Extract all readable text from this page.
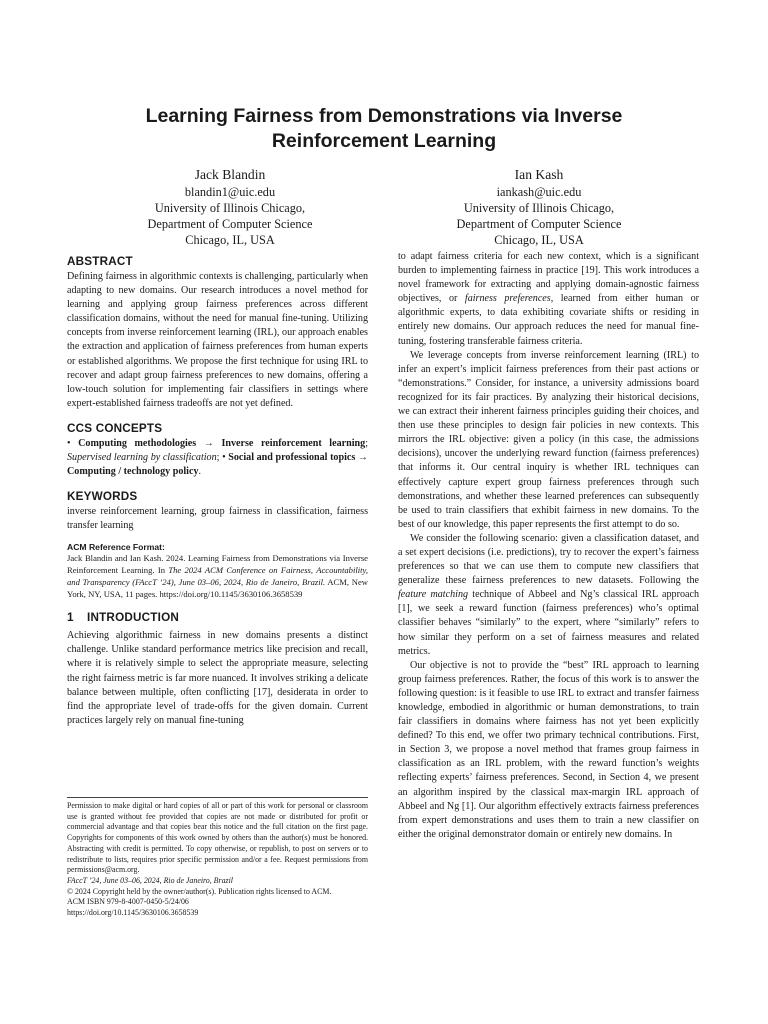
Learning Fairness from Demonstrations via Inverse
Reinforcement Learning
Jack Blandin
blandin1@uic.edu
University of Illinois Chicago,
Department of Computer Science
Chicago, IL, USA
Ian Kash
iankash@uic.edu
University of Illinois Chicago,
Department of Computer Science
Chicago, IL, USA
ABSTRACT

Defining fairness in algorithmic contexts is challenging, particularly when adapting to new domains. Our research introduces a novel method for learning and applying group fairness preferences across different classification domains, without the need for manual fine-tuning. Utilizing concepts from inverse reinforcement learning (IRL), our approach enables the extraction and application of fairness preferences from human experts or established algorithms. We propose the first technique for using IRL to recover and adapt group fairness preferences to new domains, offering a low-touch solution for implementing fair classifiers in settings where expert-established fairness tradeoffs are not yet defined.

CCS CONCEPTS

• Computing methodologies → Inverse reinforcement learning; Supervised learning by classification; • Social and professional topics → Computing / technology policy.

KEYWORDS

inverse reinforcement learning, group fairness in classification, fairness transfer learning

ACM Reference Format:

Jack Blandin and Ian Kash. 2024. Learning Fairness from Demonstrations via Inverse Reinforcement Learning. In The 2024 ACM Conference on Fairness, Accountability, and Transparency (FAccT ’24), June 03–06, 2024, Rio de Janeiro, Brazil. ACM, New York, NY, USA, 11 pages. https://doi.org/10.1145/3630106.3658539

1 INTRODUCTION

Achieving algorithmic fairness in new domains presents a distinct challenge. Unlike standard performance metrics like precision and recall, where it is relatively simple to select the appropriate measure, selecting the right fairness metric is far more nuanced. It involves striking a delicate balance between multiple, often conflicting [17], desiderata in order to find the appropriate level of trade-offs for the given domain. Current practices largely rely on manual fine-tuning

Permission to make digital or hard copies of all or part of this work for personal or classroom use is granted without fee provided that copies are not made or distributed for profit or commercial advantage and that copies bear this notice and the full citation on the first page. Copyrights for components of this work owned by others than the author(s) must be honored. Abstracting with credit is permitted. To copy otherwise, or republish, to post on servers or to redistribute to lists, requires prior specific permission and/or a fee. Request permissions from permissions@acm.org.

FAccT ’24, June 03–06, 2024, Rio de Janeiro, Brazil

© 2024 Copyright held by the owner/author(s). Publication rights licensed to ACM.

ACM ISBN 979-8-4007-0450-5/24/06

https://doi.org/10.1145/3630106.3658539

to adapt fairness criteria for each new context, which is a significant burden to implementing fairness in practice [19]. This work introduces a novel framework for extracting and applying domain-agnostic fairness objectives, or fairness preferences, learned from either human or algorithmic experts, to data exhibiting covariate shifts or residing in entirely new domains. Our approach reduces the need for manual fine-tuning, fostering transferable fairness criteria.

We leverage concepts from inverse reinforcement learning (IRL) to infer an expert’s implicit fairness preferences from their past actions or “demonstrations.” Consider, for instance, a university admissions board recognized for its fair practices. By analyzing their historical decisions, we can extract their inherent fairness principles guiding their choices, and then use these principles to design fair policies in new contexts. This mirrors the IRL objective: given a policy (in this case, the admissions decisions), uncover the underlying reward function (fairness preferences) that informs it. Our central inquiry is whether IRL techniques can effectively capture expert group fairness preferences through such demonstrations, and whether these learned preferences can subsequently be used to train classifiers that exhibit fairness in new domains. To the best of our knowledge, this paper represents the first attempt to do so.

We consider the following scenario: given a classification dataset, and a set expert decisions (i.e. predictions), try to recover the expert’s fairness preferences so that we can use them to compute new classifiers that generalize these fairness preferences to new datasets. Following the feature matching technique of Abbeel and Ng’s classical IRL approach [1], we seek a reward function (fairness preferences) who’s optimal classifier behaves “similarly” to the expert, where “similarly” refers to how similar they perform on a set of fairness measures and related metrics.

Our objective is not to provide the “best” IRL approach to learning group fairness preferences. Rather, the focus of this work is to answer the following question: is it feasible to use IRL to extract and transfer fairness knowledge, embodied in algorithmic or human demonstrations, to train fair classifiers in domains where fairness has not yet been explicitly defined? To this end, we offer two primary technical contributions. First, in Section 3, we propose a novel method that frames group fairness in classification as an IRL problem, with the reward function’s weights reflecting experts’ fairness preferences. Second, in Section 4, we present an algorithm inspired by the classical max-margin IRL approach of Abbeel and Ng [1]. Our algorithm effectively extracts fairness preferences from expert demonstrations and uses them to train a new classifier on either the original demonstrator domain or entirely new domains. In
